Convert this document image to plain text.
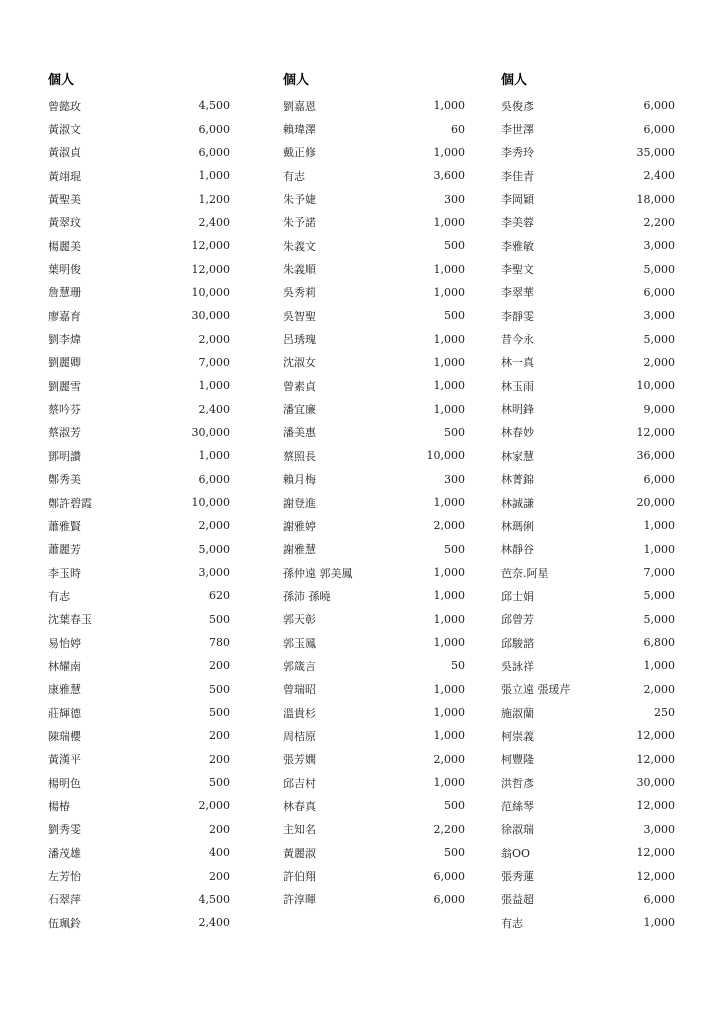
個人
曾懿玫	4,500
黃淑文	6,000
黃淑貞	6,000
黃翊琨	1,000
黃聖美	1,200
黃翠玟	2,400
楊麗美	12,000
葉明俊	12,000
詹慧珊	10,000
廖嘉育	30,000
劉李煒	2,000
劉麗卿	7,000
劉麗雪	1,000
蔡吟芬	2,400
蔡淑芳	30,000
鄧明讚	1,000
鄭秀美	6,000
鄭許碧霞	10,000
蕭雅賢	2,000
蕭麗芳	5,000
李玉時	3,000
有志	620
沈葉春玉	500
易怡婷	780
林耀南	200
康雅慧	500
莊輝德	500
陳瑞櫻	200
黃漢平	200
楊明色	500
楊椿	2,000
劉秀雯	200
潘茂雄	400
左芳怡	200
石翠萍	4,500
伍珮鈴	2,400
個人
劉嘉恩	1,000
賴瑋澤	60
戴正修	1,000
有志	3,600
朱予婕	300
朱予諾	1,000
朱義文	500
朱義順	1,000
吳秀莉	1,000
吳智聖	500
呂琇瑰	1,000
沈淑女	1,000
曾素貞	1,000
潘宜廉	1,000
潘美惠	500
蔡照長	10,000
賴月梅	300
謝登進	1,000
謝雅婷	2,000
謝雅慧	500
孫仲遠 郭美鳳	1,000
孫沛 孫曉	1,000
郭天彰	1,000
郭玉鳳	1,000
郭箴言	50
曾瑞昭	1,000
溫貴杉	1,000
周桔原	1,000
張芳嫻	2,000
邱吉村	1,000
林春真	500
主知名	2,200
黃麗淑	500
許伯翔	6,000
許淳暉	6,000
個人
吳俊彥	6,000
李世澤	6,000
李秀玲	35,000
李佳青	2,400
李岡穎	18,000
李美蓉	2,200
李雅敏	3,000
李聖文	5,000
李翠華	6,000
李靜雯	3,000
昔今永	5,000
林一真	2,000
林玉雨	10,000
林明鋒	9,000
林春妙	12,000
林家慧	36,000
林菁錦	6,000
林誠謙	20,000
林瑪俐	1,000
林靜谷	1,000
芭奈.阿星	7,000
邱士娟	5,000
邱曾芳	5,000
邱駿諮	6,800
吳詠祥	1,000
張立遠 張瑗芹	2,000
施淑蘭	250
柯崇義	12,000
柯豐隆	12,000
洪哲彥	30,000
范絲琴	12,000
徐淑瑞	3,000
翁OO	12,000
張秀蓮	12,000
張益超	6,000
有志	1,000
